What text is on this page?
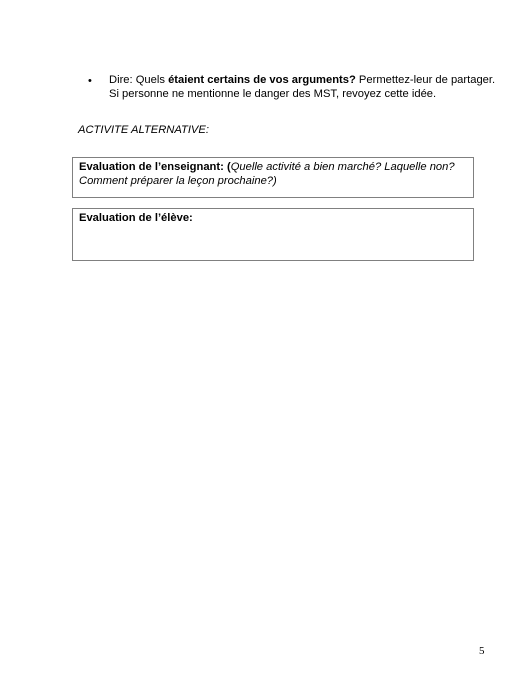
• Dire: Quels étaient certains de vos arguments? Permettez-leur de partager.
Si personne ne mentionne le danger des MST, revoyez cette idée.
ACTIVITE ALTERNATIVE:
Evaluation de l’enseignant: (Quelle activité a bien marché? Laquelle non?
Comment préparer la leçon prochaine?)
Evaluation de l’élève:
5
